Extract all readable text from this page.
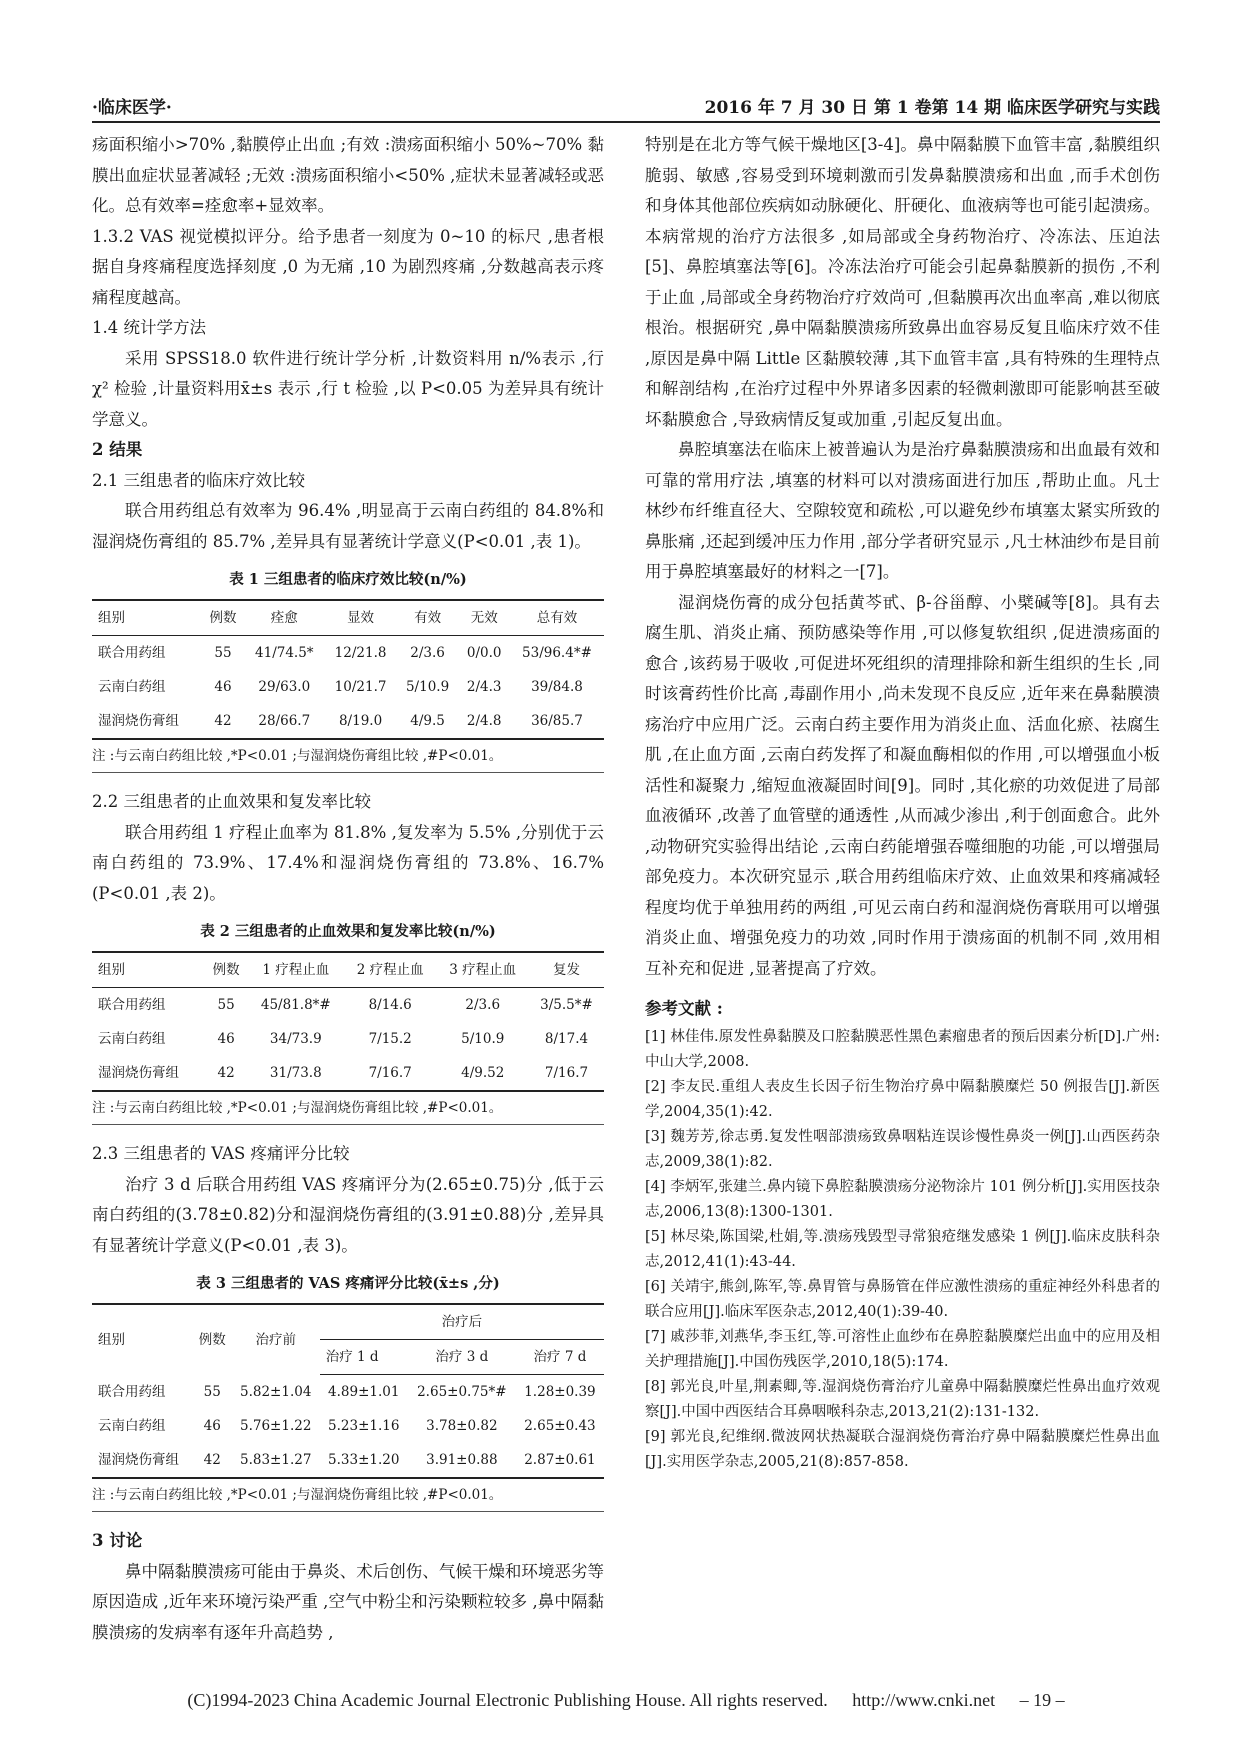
·临床医学·	2016 年 7 月 30 日 第 1 卷第 14 期 临床医学研究与实践

疡面积缩小>70% ,黏膜停止出血 ;有效 :溃疡面积缩小 50%~70% 黏膜出血症状显著减轻 ;无效 :溃疡面积缩小<50% ,症状未显著减轻或恶化。总有效率=痊愈率+显效率。

1.3.2 VAS 视觉模拟评分。给予患者一刻度为 0~10 的标尺 ,患者根据自身疼痛程度选择刻度 ,0 为无痛 ,10 为剧烈疼痛 ,分数越高表示疼痛程度越高。

1.4 统计学方法

采用 SPSS18.0 软件进行统计学分析 ,计数资料用 n/%表示 ,行χ² 检验 ,计量资料用x̄±s 表示 ,行 t 检验 ,以 P<0.05 为差异具有统计学意义。

2 结果
2.1 三组患者的临床疗效比较

联合用药组总有效率为 96.4% ,明显高于云南白药组的 84.8%和湿润烧伤膏组的 85.7% ,差异具有显著统计学意义(P<0.01 ,表 1)。

表 1 三组患者的临床疗效比较(n/%)
组别	例数	痊愈	显效	有效	无效	总有效
联合用药组	55	41/74.5*	12/21.8	2/3.6	0/0.0	53/96.4*#
云南白药组	46	29/63.0	10/21.7	5/10.9	2/4.3	39/84.8
湿润烧伤膏组	42	28/66.7	8/19.0	4/9.5	2/4.8	36/85.7
注 :与云南白药组比较 ,*P<0.01 ;与湿润烧伤膏组比较 ,#P<0.01。
2.2 三组患者的止血效果和复发率比较

联合用药组 1 疗程止血率为 81.8% ,复发率为 5.5% ,分别优于云南白药组的 73.9%、17.4%和湿润烧伤膏组的 73.8%、16.7%(P<0.01 ,表 2)。

表 2 三组患者的止血效果和复发率比较(n/%)
组别	例数	1 疗程止血	2 疗程止血	3 疗程止血	复发
联合用药组	55	45/81.8*#	8/14.6	2/3.6	3/5.5*#
云南白药组	46	34/73.9	7/15.2	5/10.9	8/17.4
湿润烧伤膏组	42	31/73.8	7/16.7	4/9.52	7/16.7
注 :与云南白药组比较 ,*P<0.01 ;与湿润烧伤膏组比较 ,#P<0.01。
2.3 三组患者的 VAS 疼痛评分比较

治疗 3 d 后联合用药组 VAS 疼痛评分为(2.65±0.75)分 ,低于云南白药组的(3.78±0.82)分和湿润烧伤膏组的(3.91±0.88)分 ,差异具有显著统计学意义(P<0.01 ,表 3)。

表 3 三组患者的 VAS 疼痛评分比较(x̄±s ,分)
组别	例数	治疗前	治疗后		
			治疗 1 d	治疗 3 d	治疗 7 d
联合用药组	55	5.82±1.04	4.89±1.01	2.65±0.75*#	1.28±0.39
云南白药组	46	5.76±1.22	5.23±1.16	3.78±0.82	2.65±0.43
湿润烧伤膏组	42	5.83±1.27	5.33±1.20	3.91±0.88	2.87±0.61
注 :与云南白药组比较 ,*P<0.01 ;与湿润烧伤膏组比较 ,#P<0.01。
3 讨论

鼻中隔黏膜溃疡可能由于鼻炎、术后创伤、气候干燥和环境恶劣等原因造成 ,近年来环境污染严重 ,空气中粉尘和污染颗粒较多 ,鼻中隔黏膜溃疡的发病率有逐年升高趋势 ,

特别是在北方等气候干燥地区[3-4]。鼻中隔黏膜下血管丰富 ,黏膜组织脆弱、敏感 ,容易受到环境刺激而引发鼻黏膜溃疡和出血 ,而手术创伤和身体其他部位疾病如动脉硬化、肝硬化、血液病等也可能引起溃疡。本病常规的治疗方法很多 ,如局部或全身药物治疗、冷冻法、压迫法[5]、鼻腔填塞法等[6]。冷冻法治疗可能会引起鼻黏膜新的损伤 ,不利于止血 ,局部或全身药物治疗疗效尚可 ,但黏膜再次出血率高 ,难以彻底根治。根据研究 ,鼻中隔黏膜溃疡所致鼻出血容易反复且临床疗效不佳 ,原因是鼻中隔 Little 区黏膜较薄 ,其下血管丰富 ,具有特殊的生理特点和解剖结构 ,在治疗过程中外界诸多因素的轻微刺激即可能影响甚至破坏黏膜愈合 ,导致病情反复或加重 ,引起反复出血。

鼻腔填塞法在临床上被普遍认为是治疗鼻黏膜溃疡和出血最有效和可靠的常用疗法 ,填塞的材料可以对溃疡面进行加压 ,帮助止血。凡士林纱布纤维直径大、空隙较宽和疏松 ,可以避免纱布填塞太紧实所致的鼻胀痛 ,还起到缓冲压力作用 ,部分学者研究显示 ,凡士林油纱布是目前用于鼻腔填塞最好的材料之一[7]。

湿润烧伤膏的成分包括黄芩甙、β-谷甾醇、小檗碱等[8]。具有去腐生肌、消炎止痛、预防感染等作用 ,可以修复软组织 ,促进溃疡面的愈合 ,该药易于吸收 ,可促进坏死组织的清理排除和新生组织的生长 ,同时该膏药性价比高 ,毒副作用小 ,尚未发现不良反应 ,近年来在鼻黏膜溃疡治疗中应用广泛。云南白药主要作用为消炎止血、活血化瘀、祛腐生肌 ,在止血方面 ,云南白药发挥了和凝血酶相似的作用 ,可以增强血小板活性和凝聚力 ,缩短血液凝固时间[9]。同时 ,其化瘀的功效促进了局部血液循环 ,改善了血管壁的通透性 ,从而减少渗出 ,利于创面愈合。此外 ,动物研究实验得出结论 ,云南白药能增强吞噬细胞的功能 ,可以增强局部免疫力。本次研究显示 ,联合用药组临床疗效、止血效果和疼痛减轻程度均优于单独用药的两组 ,可见云南白药和湿润烧伤膏联用可以增强消炎止血、增强免疫力的功效 ,同时作用于溃疡面的机制不同 ,效用相互补充和促进 ,显著提高了疗效。

参考文献 :
[1] 林佳伟.原发性鼻黏膜及口腔黏膜恶性黑色素瘤患者的预后因素分析[D].广州:中山大学,2008.
[2] 李友民.重组人表皮生长因子衍生物治疗鼻中隔黏膜糜烂 50 例报告[J].新医学,2004,35(1):42.
[3] 魏芳芳,徐志勇.复发性咽部溃疡致鼻咽粘连误诊慢性鼻炎一例[J].山西医药杂志,2009,38(1):82.
[4] 李炳军,张建兰.鼻内镜下鼻腔黏膜溃疡分泌物涂片 101 例分析[J].实用医技杂志,2006,13(8):1300-1301.
[5] 林尽染,陈国梁,杜娟,等.溃疡残毁型寻常狼疮继发感染 1 例[J].临床皮肤科杂志,2012,41(1):43-44.
[6] 关靖宇,熊剑,陈军,等.鼻胃管与鼻肠管在伴应激性溃疡的重症神经外科患者的联合应用[J].临床军医杂志,2012,40(1):39-40.
[7] 戚莎菲,刘燕华,李玉红,等.可溶性止血纱布在鼻腔黏膜糜烂出血中的应用及相关护理措施[J].中国伤残医学,2010,18(5):174.
[8] 郭光良,叶星,荆素卿,等.湿润烧伤膏治疗儿童鼻中隔黏膜糜烂性鼻出血疗效观察[J].中国中西医结合耳鼻咽喉科杂志,2013,21(2):131-132.
[9] 郭光良,纪维纲.微波网状热凝联合湿润烧伤膏治疗鼻中隔黏膜糜烂性鼻出血[J].实用医学杂志,2005,21(8):857-858.
(C)1994-2023 China Academic Journal Electronic Publishing House. All rights reserved. http://www.cnki.net – 19 –
